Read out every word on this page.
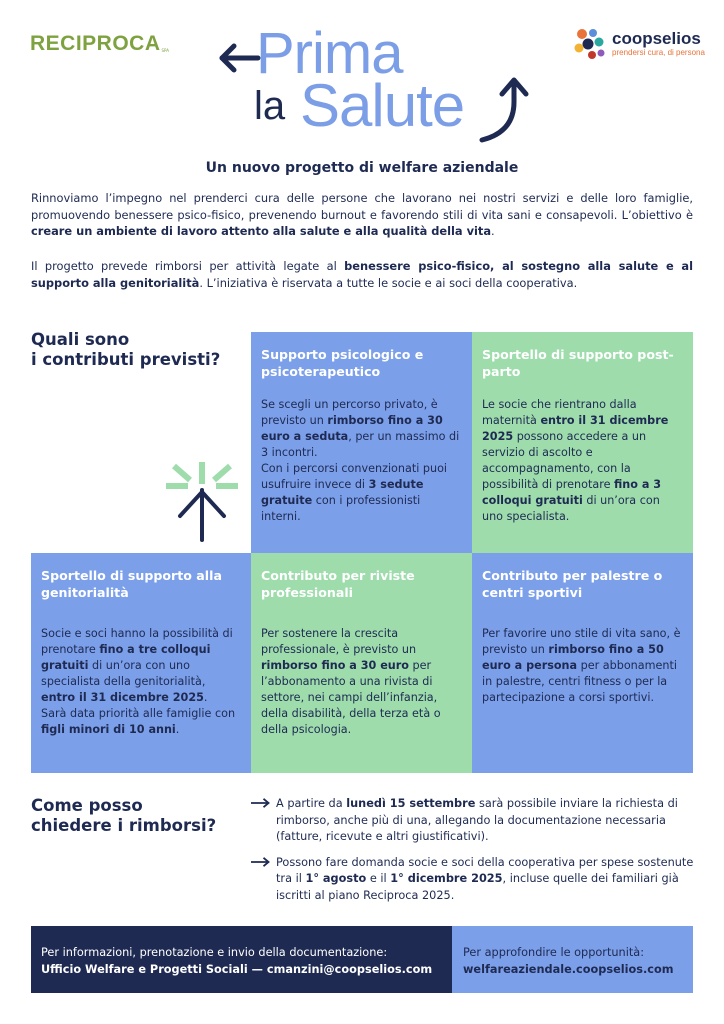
RECIPROCA SPA
coopselios
prendersi cura, di persona
Prima
la Salute
Un nuovo progetto di welfare aziendale
Rinnoviamo l’impegno nel prenderci cura delle persone che lavorano nei nostri servizi e delle loro famiglie, promuovendo benessere psico-fisico, prevenendo burnout e favorendo stili di vita sani e consapevoli. L’obiettivo è creare un ambiente di lavoro attento alla salute e alla qualità della vita.
Il progetto prevede rimborsi per attività legate al benessere psico-fisico, al sostegno alla salute e al supporto alla genitorialità. L’iniziativa è riservata a tutte le socie e ai soci della cooperativa.
Quali sono
i contributi previsti?	Supporto psicologico e psicoterapeutico

Se scegli un percorso privato, è previsto un rimborso fino a 30 euro a seduta, per un massimo di 3 incontri.
Con i percorsi convenzionati puoi usufruire invece di 3 sedute gratuite con i professionisti interni.

Sportello di supporto post-parto

Le socie che rientrano dalla maternità entro il 31 dicembre 2025 possono accedere a un servizio di ascolto e accompagnamento, con la possibilità di prenotare fino a 3 colloqui gratuiti di un’ora con uno specialista.

Sportello di supporto alla genitorialità

Socie e soci hanno la possibilità di prenotare fino a tre colloqui gratuiti di un’ora con uno specialista della genitorialità, entro il 31 dicembre 2025.
Sarà data priorità alle famiglie con figli minori di 10 anni.

Contributo per riviste professionali

Per sostenere la crescita professionale, è previsto un rimborso fino a 30 euro per l’abbonamento a una rivista di settore, nei campi dell’infanzia, della disabilità, della terza età o della psicologia.

Contributo per palestre o centri sportivi

Per favorire uno stile di vita sano, è previsto un rimborso fino a 50 euro a persona per abbonamenti in palestre, centri fitness o per la partecipazione a corsi sportivi.

Come posso
chiedere i rimborsi?
A partire da lunedì 15 settembre sarà possibile inviare la richiesta di rimborso, anche più di una, allegando la documentazione necessaria (fatture, ricevute e altri giustificativi).
Possono fare domanda socie e soci della cooperativa per spese sostenute tra il 1° agosto e il 1° dicembre 2025, incluse quelle dei familiari già iscritti al piano Reciproca 2025.
Per informazioni, prenotazione e invio della documentazione:
Ufficio Welfare e Progetti Sociali — cmanzini@coopselios.com
Per approfondire le opportunità:
welfareaziendale.coopselios.com
